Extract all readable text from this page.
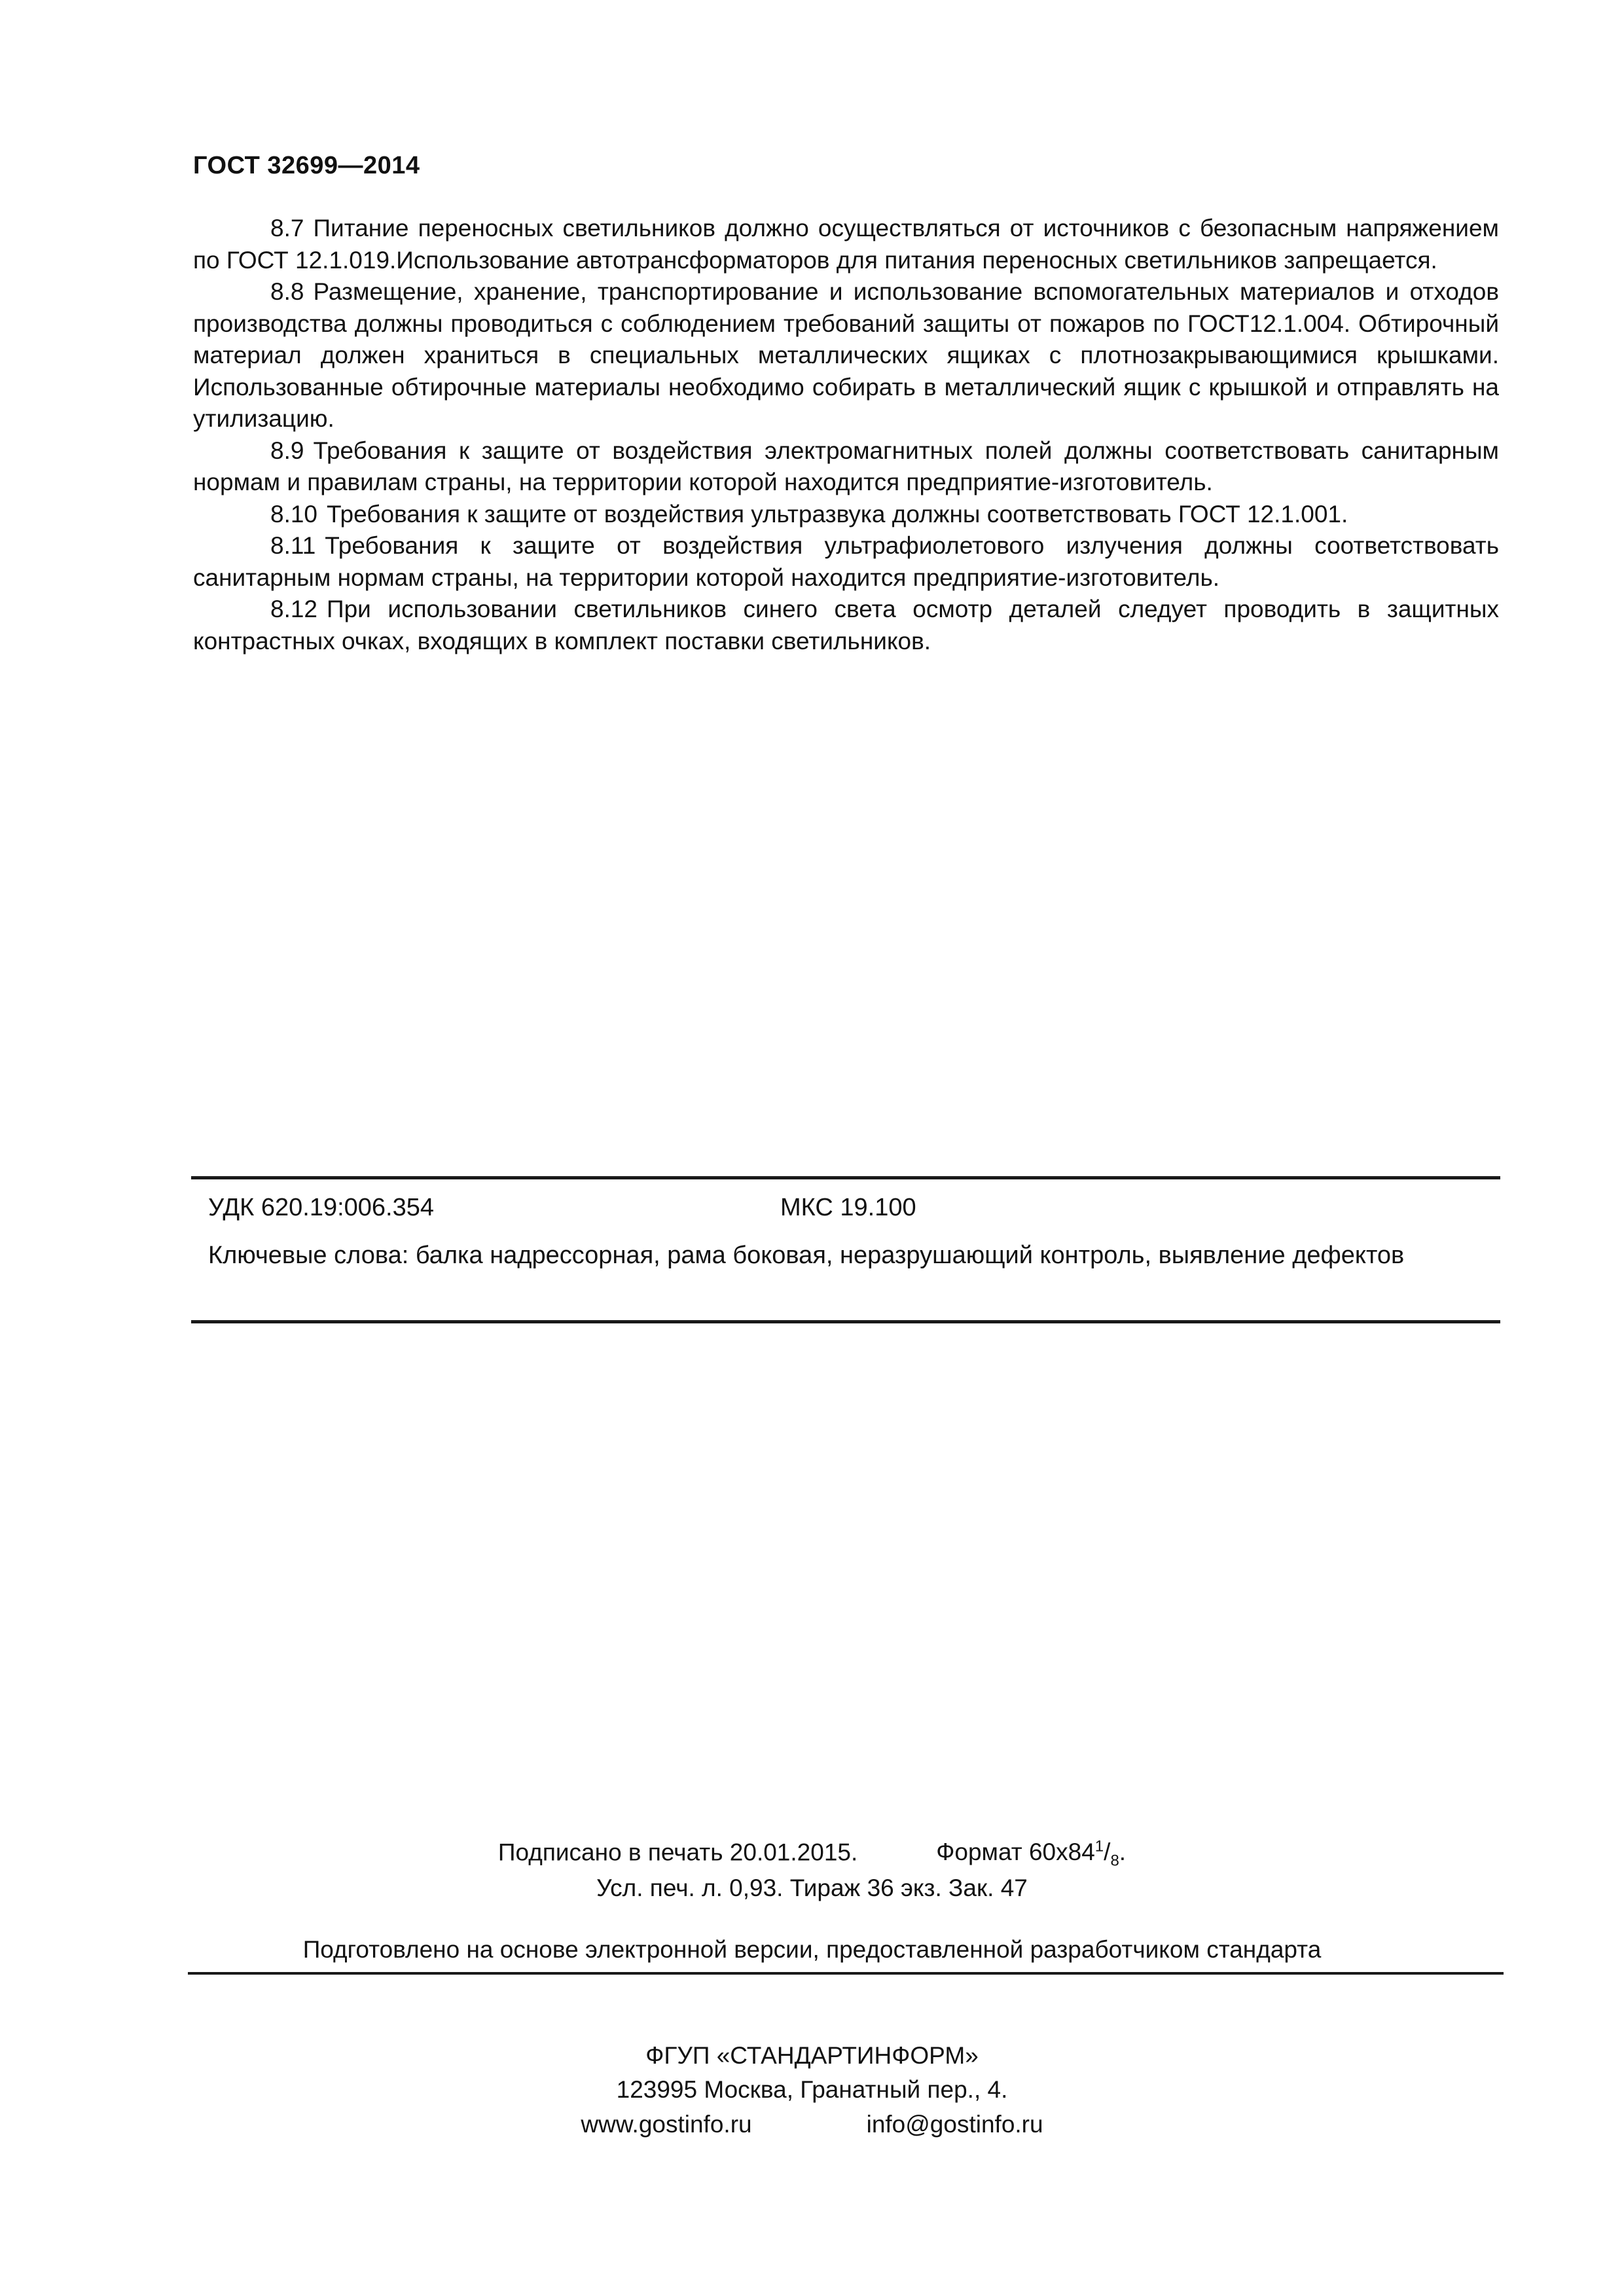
ГОСТ 32699—2014

8.7 Питание переносных светильников должно осуществляться от источников с безопасным напряжением по ГОСТ 12.1.019.Использование автотрансформаторов для питания переносных светильников запрещается.

8.8 Размещение, хранение, транспортирование и использование вспомогательных материалов и отходов производства должны проводиться с соблюдением требований защиты от пожаров по ГОСТ12.1.004. Обтирочный материал должен храниться в специальных металлических ящиках с плотнозакрывающимися крышками. Использованные обтирочные материалы необходимо собирать в металлический ящик с крышкой и отправлять на утилизацию.

8.9 Требования к защите от воздействия электромагнитных полей должны соответствовать санитарным нормам и правилам страны, на территории которой находится предприятие-изготовитель.

8.10 Требования к защите от воздействия ультразвука должны соответствовать ГОСТ 12.1.001.

8.11 Требования к защите от воздействия ультрафиолетового излучения должны соответствовать санитарным нормам страны, на территории которой находится предприятие-изготовитель.

8.12 При использовании светильников синего света осмотр деталей следует проводить в защитных контрастных очках, входящих в комплект поставки светильников.

УДК 620.19:006.354	МКС 19.100
Ключевые слова: балка надрессорная, рама боковая, неразрушающий контроль, выявление дефектов
Подписано в печать 20.01.2015.	Формат $60x84^1/_8$.
Усл. печ. л. 0,93. Тираж 36 экз. Зак. 47
Подготовлено на основе электронной версии, предоставленной разработчиком стандарта
ФГУП «СТАНДАРТИНФОРМ»
123995 Москва, Гранатный пер., 4.
www.gostinfo.ru	info@gostinfo.ru
